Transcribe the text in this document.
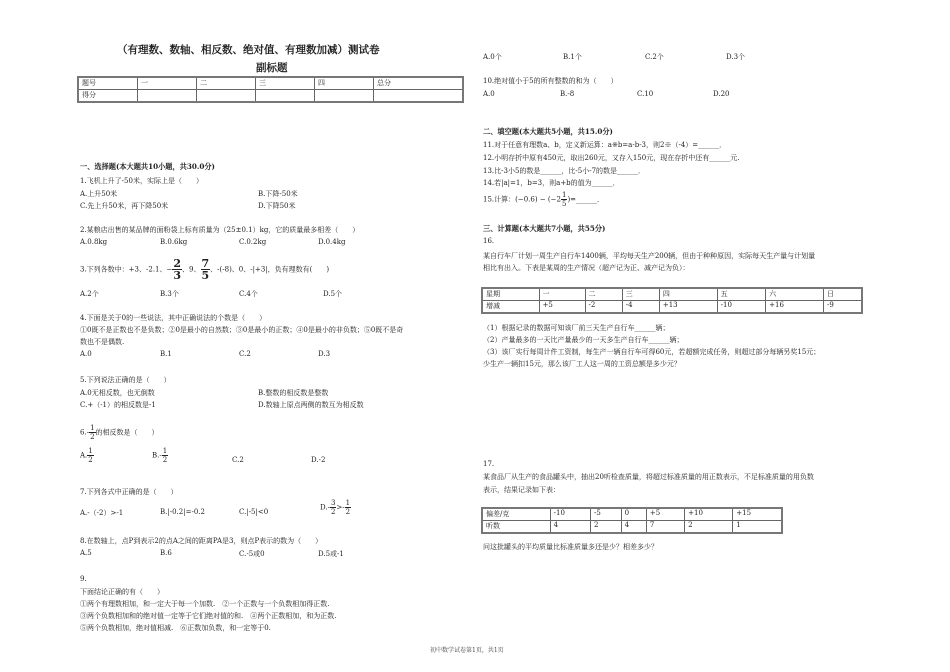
（有理数、数轴、相反数、绝对值、有理数加减）测试卷
副标题
题号	一	二	三	四	总分
得分					
一、选择题(本大题共10小题，共30.0分)
1.飞机上升了-50米，实际上是（　　）
A.上升50米	B.下降-50米
C.先上升50米，再下降50米	D.下降50米
2.某粮店出售的某品牌的面粉袋上标有质量为（25±0.1）kg，它的质量最多相差（　　）
A.0.8kg	B.0.6kg	C.0.2kg	D.0.4kg
3.下列各数中：+3、-2.1、− $\frac{2}{3}$ 、9、 $\frac{7}{5}$ 、-(-8)、0、-|+3|，负有理数有(　　)
A.2个	B.3个	C.4个	D.5个
4.下面是关于0的一些说法，其中正确说法的个数是（　　）
①0既不是正数也不是负数；②0是最小的自然数；③0是最小的正数；④0是最小的非负数；⑤0既不是奇
数也不是偶数.
A.0	B.1	C.2	D.3
5.下列说法正确的是（　　）
A.0无相反数，也无倒数	B.整数的相反数是整数
C.+（-1）的相反数是-1	D.数轴上原点两侧的数互为相反数
$6.- \frac{1}{2}$ 的相反数是（　　）
A. $\frac{1}{2}$	$B.- \frac{1}{2}$	C.2	D.-2
7.下列各式中正确的是（　　）
A.-（-2）>-1	B.|-0.2|=-0.2	C.|-5|<0
$D.- \frac{3}{2} >- \frac{1}{2}$
8.在数轴上，点P到表示2的点A之间的距离PA是3，则点P表示的数为（　　）
A.5	B.6	C.-5或0	D.5或-1
9.
下面结论正确的有（　　）
①两个有理数相加，和一定大于每一个加数.　②一个正数与一个负数相加得正数.
③两个负数相加和的绝对值一定等于它们绝对值的和.　④两个正数相加，和为正数.
⑤两个负数相加，绝对值相减.　⑥正数加负数，和一定等于0.
A.0个	B.1个	C.2个	D.3个
10.绝对值小于5的所有整数的和为（　　）
A.0	B.-8	C.10	D.20
二、填空题(本大题共5小题，共15.0分)
11.对于任意有理数a、b，定义新运算：a※b=a-b-3，则2※（-4）=______．
12.小明存折中原有450元，取出260元，又存入150元，现在存折中还有______元.
13.比-3小5的数是______，比-5小-7的数是______．
14.若|a|=1，b=3，则a+b的值为______．
15.计算：$(-0.6) - (-2 \frac{1}{5}$ )=______．
三、计算题(本大题共7小题，共55分)
16.
某自行车厂计划一周生产自行车1400辆，平均每天生产200辆，但由于种种原因，实际每天生产量与计划量
相比有出入。下表是某周的生产情况（超产记为正、减产记为负）：
星期	一	二	三	四	五	六	日
增减	+5	-2	-4	+13	-10	+16	-9
（1）根据记录的数据可知该厂前三天生产自行车______辆；
（2）产量最多的一天比产量最少的一天多生产自行车______辆；
（3）该厂实行每周计件工资制，每生产一辆自行车可得60元，若超额完成任务，则超过部分每辆另奖15元；
少生产一辆扣15元，那么该厂工人这一周的工资总额是多少元？
17.
某食品厂从生产的食品罐头中，抽出20听检查质量，将超过标准质量的用正数表示，不足标准质量的用负数
表示，结果记录如下表：
偏差/克	-10	-5	0	+5	+10	+15
听数	4	2	4	7	2	1
问这批罐头的平均质量比标准质量多还是少？相差多少？
初中数学试卷第1页，共1页
